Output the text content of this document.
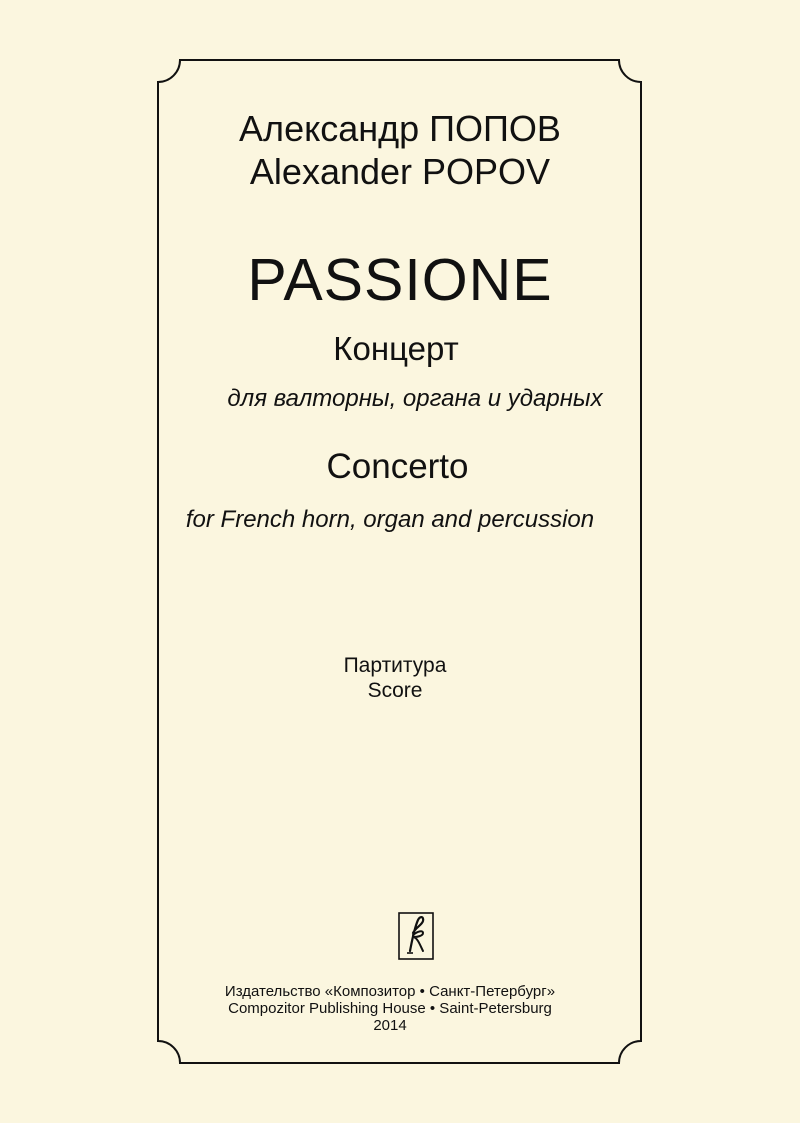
Александр ПОПОВ
Alexander POPOV
PASSIONE
Концерт
для валторны, органа и ударных
Concerto
for French horn, organ and percussion
Партитура
Score
Издательство «Композитор • Санкт-Петербург»
Compozitor Publishing House • Saint-Petersburg
2014
